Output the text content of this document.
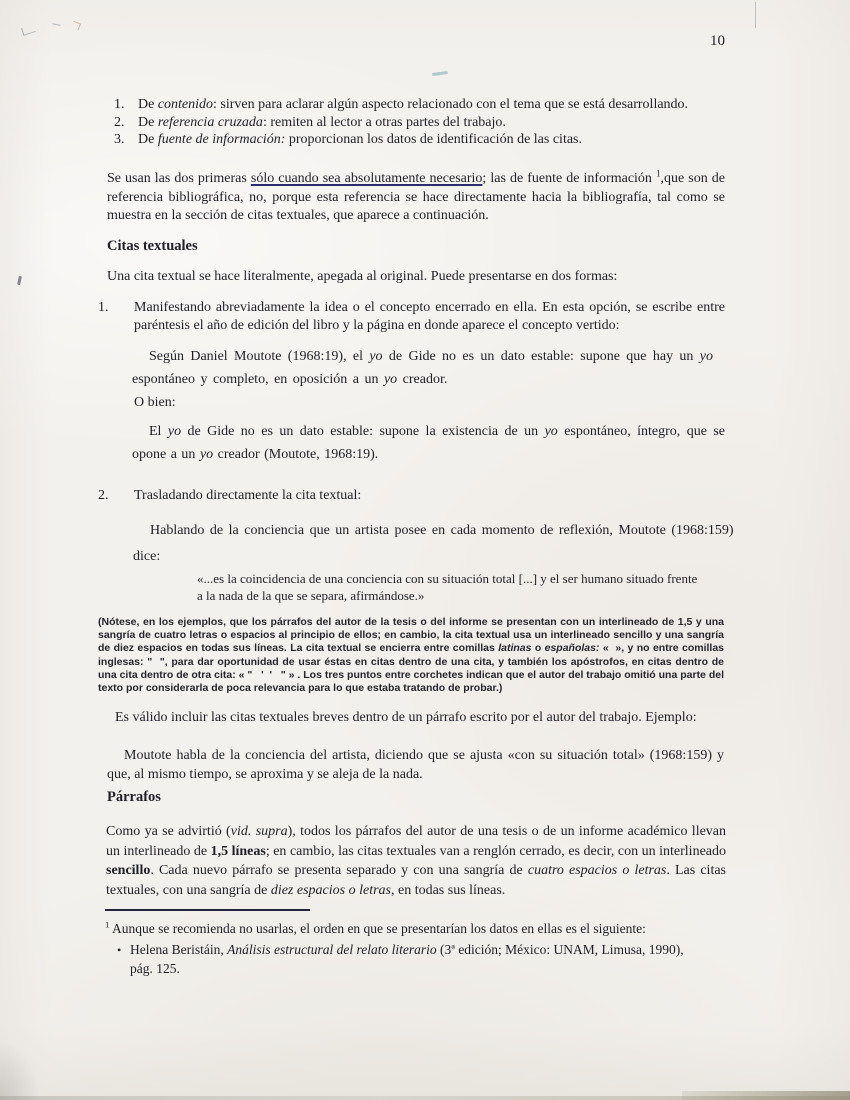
10
1. De contenido: sirven para aclarar algún aspecto relacionado con el tema que se está desarrollando.
2. De referencia cruzada: remiten al lector a otras partes del trabajo.
3. De fuente de información: proporcionan los datos de identificación de las citas.
Se usan las dos primeras sólo cuando sea absolutamente necesario; las de fuente de información $^1$,que son de referencia bibliográfica, no, porque esta referencia se hace directamente hacia la bibliografía, tal como se muestra en la sección de citas textuales, que aparece a continuación.
Citas textuales
Una cita textual se hace literalmente, apegada al original. Puede presentarse en dos formas:
1. Manifestando abreviadamente la idea o el concepto encerrado en ella. En esta opción, se escribe entre paréntesis el año de edición del libro y la página en donde aparece el concepto vertido:
Según Daniel Moutote (1968:19), el yo de Gide no es un dato estable: supone que hay un yo espontáneo y completo, en oposición a un yo creador.
O bien:
El yo de Gide no es un dato estable: supone la existencia de un yo espontáneo, íntegro, que se opone a un yo creador (Moutote, 1968:19).
2. Trasladando directamente la cita textual:
Hablando de la conciencia que un artista posee en cada momento de reflexión, Moutote (1968:159)
dice:
«...es la coincidencia de una conciencia con su situación total [...] y el ser humano situado frente a la nada de la que se separa, afirmándose.»
(Nótese, en los ejemplos, que los párrafos del autor de la tesis o del informe se presentan con un interlineado de 1,5 y una sangría de cuatro letras o espacios al principio de ellos; en cambio, la cita textual usa un interlineado sencillo y una sangría de diez espacios en todas sus líneas. La cita textual se encierra entre comillas latinas o españolas: «  », y no entre comillas inglesas: "  ", para dar oportunidad de usar éstas en citas dentro de una cita, y también los apóstrofos, en citas dentro de una cita dentro de otra cita: « "   '  '   " » . Los tres puntos entre corchetes indican que el autor del trabajo omitió una parte del texto por considerarla de poca relevancia para lo que estaba tratando de probar.)
Es válido incluir las citas textuales breves dentro de un párrafo escrito por el autor del trabajo. Ejemplo:
Moutote habla de la conciencia del artista, diciendo que se ajusta «con su situación total» (1968:159) y que, al mismo tiempo, se aproxima y se aleja de la nada.
Párrafos
Como ya se advirtió (vid. supra), todos los párrafos del autor de una tesis o de un informe académico llevan un interlineado de 1,5 líneas; en cambio, las citas textuales van a renglón cerrado, es decir, con un interlineado sencillo. Cada nuevo párrafo se presenta separado y con una sangría de cuatro espacios o letras. Las citas textuales, con una sangría de diez espacios o letras, en todas sus líneas.
$^1$ Aunque se recomienda no usarlas, el orden en que se presentarían los datos en ellas es el siguiente:
• Helena Beristáin, Análisis estructural del relato literario (3ª edición; México: UNAM, Limusa, 1990), pág. 125.
